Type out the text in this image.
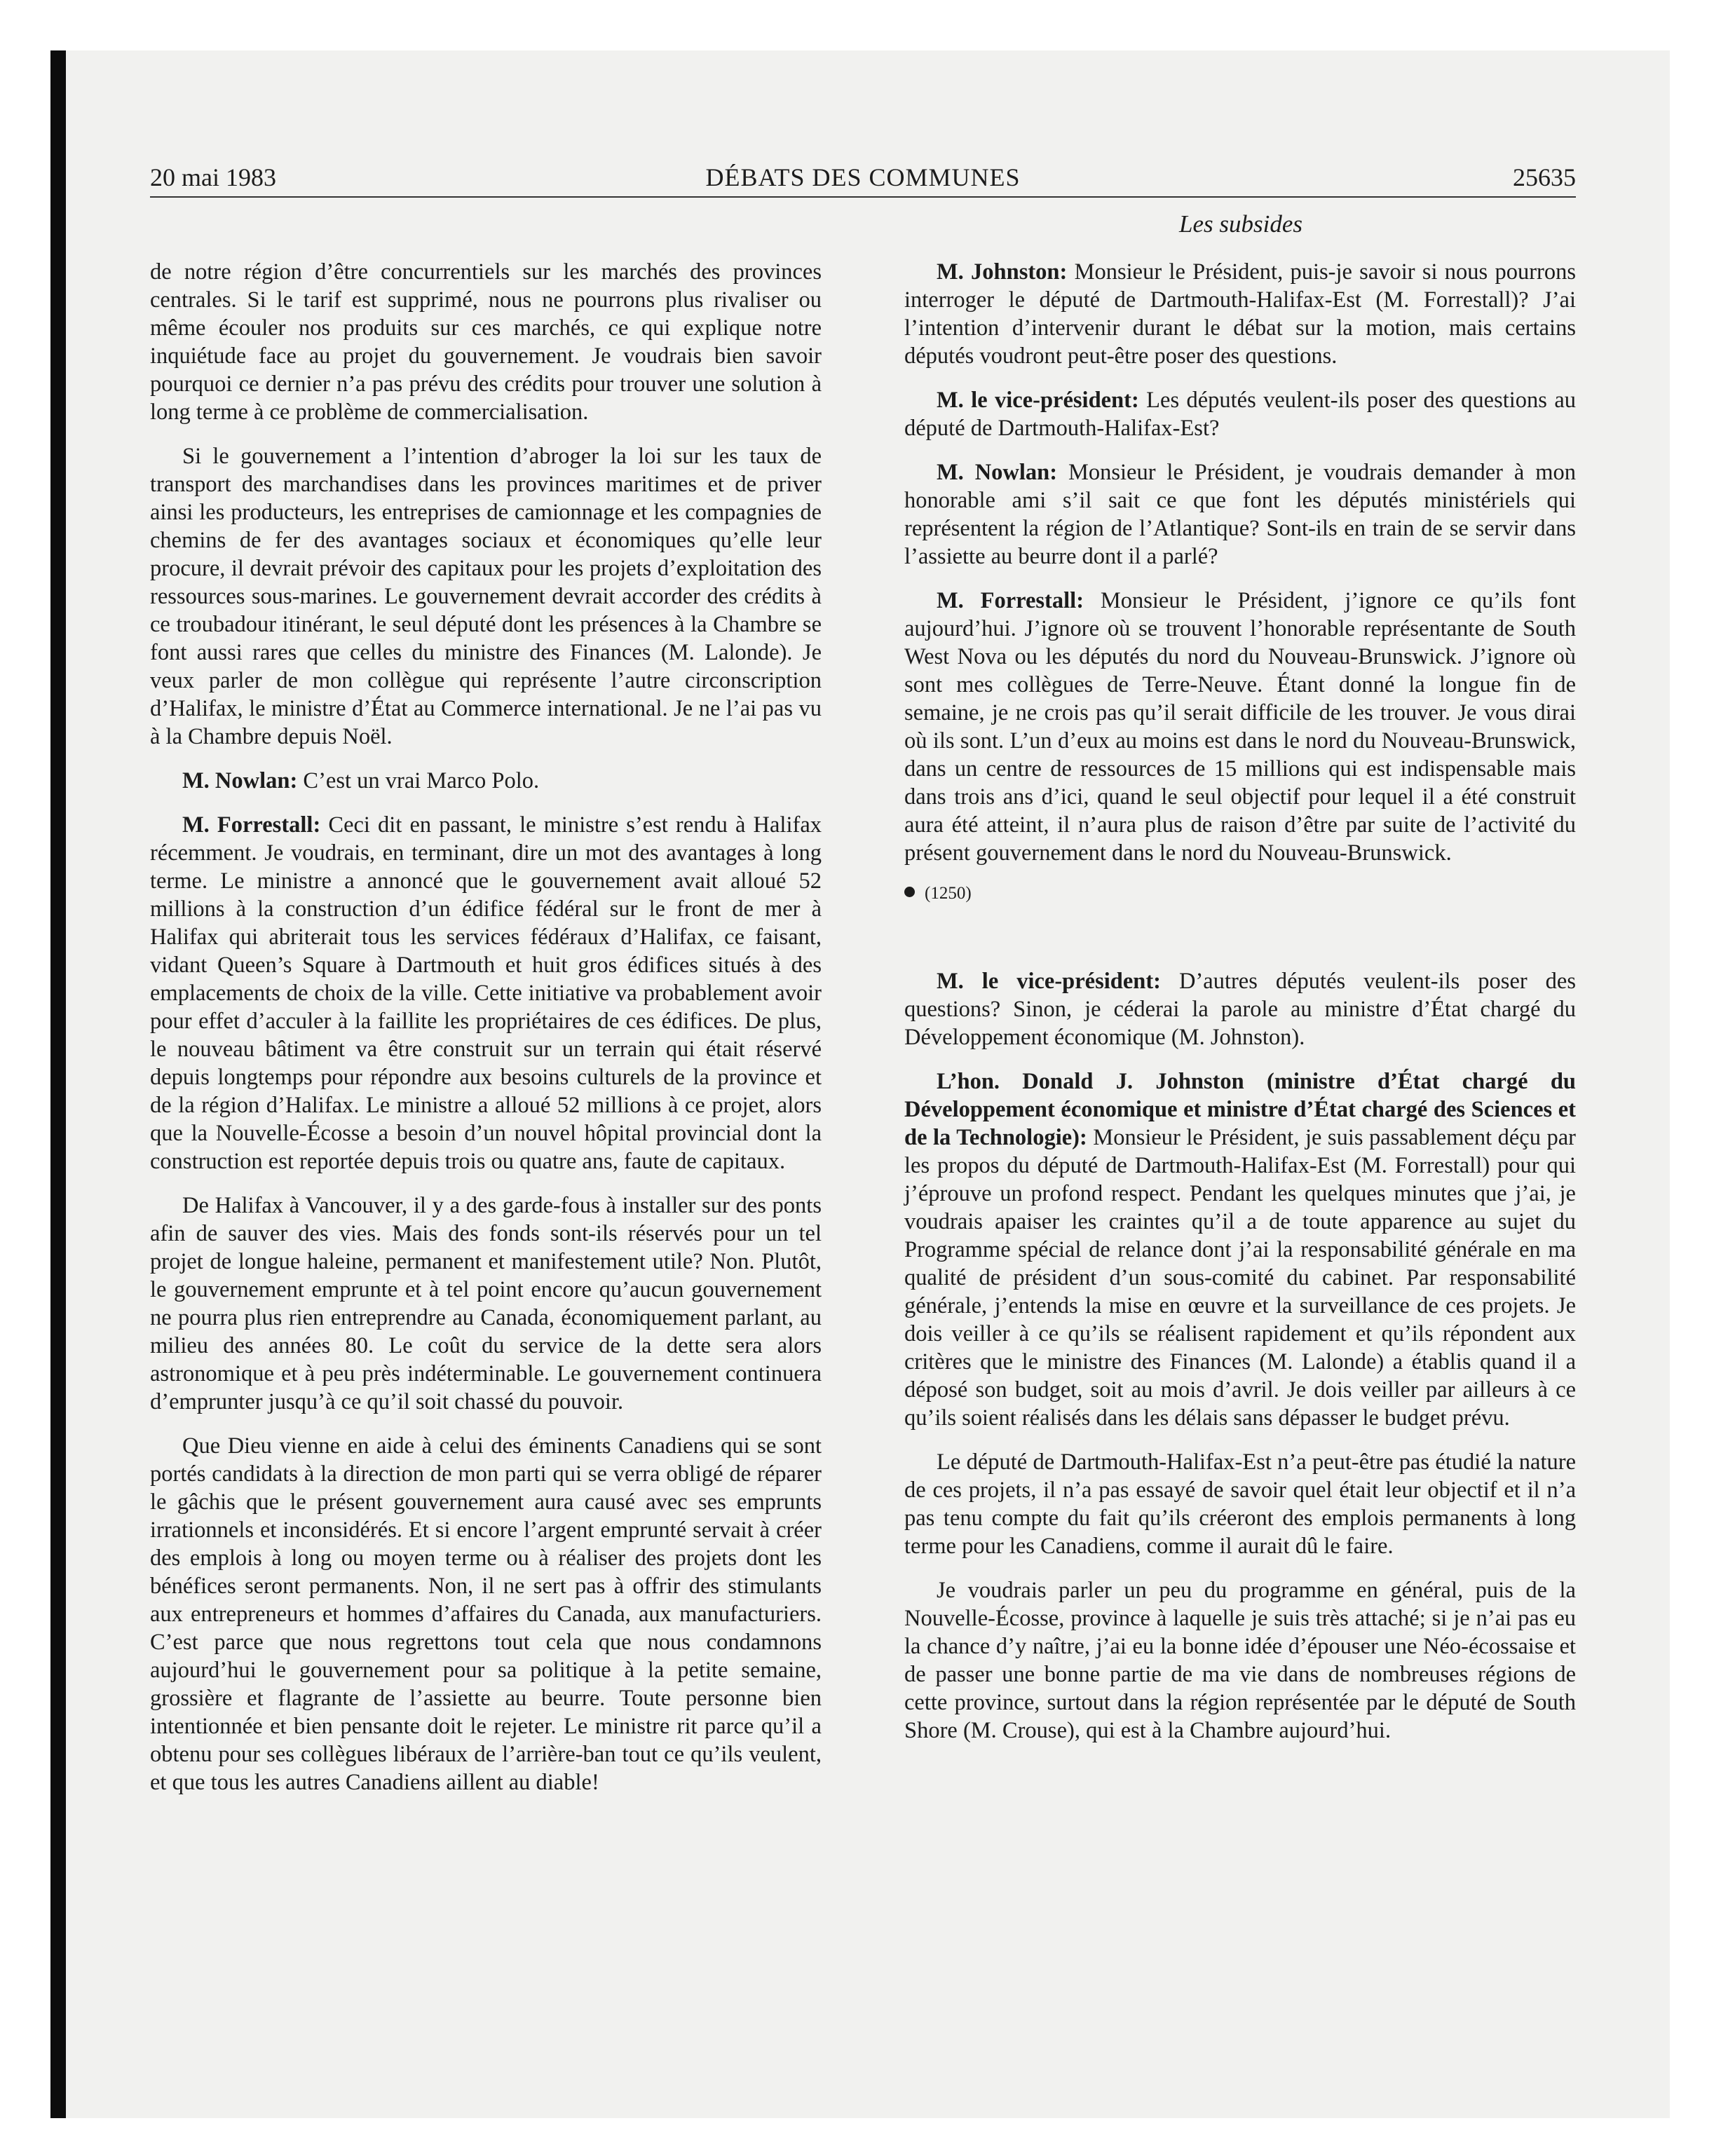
20 mai 1983	DÉBATS DES COMMUNES	25635
Les subsides

de notre région d’être concurrentiels sur les marchés des provinces centrales. Si le tarif est supprimé, nous ne pourrons plus rivaliser ou même écouler nos produits sur ces marchés, ce qui explique notre inquiétude face au projet du gouvernement. Je voudrais bien savoir pourquoi ce dernier n’a pas prévu des crédits pour trouver une solution à long terme à ce problème de commercialisation.

Si le gouvernement a l’intention d’abroger la loi sur les taux de transport des marchandises dans les provinces maritimes et de priver ainsi les producteurs, les entreprises de camionnage et les compagnies de chemins de fer des avantages sociaux et économiques qu’elle leur procure, il devrait prévoir des capitaux pour les projets d’exploitation des ressources sous-marines. Le gouvernement devrait accorder des crédits à ce troubadour itinérant, le seul député dont les présences à la Chambre se font aussi rares que celles du ministre des Finances (M. Lalonde). Je veux parler de mon collègue qui représente l’autre circonscription d’Halifax, le ministre d’État au Commerce international. Je ne l’ai pas vu à la Chambre depuis Noël.

M. Nowlan: C’est un vrai Marco Polo.

M. Forrestall: Ceci dit en passant, le ministre s’est rendu à Halifax récemment. Je voudrais, en terminant, dire un mot des avantages à long terme. Le ministre a annoncé que le gouvernement avait alloué 52 millions à la construction d’un édifice fédéral sur le front de mer à Halifax qui abriterait tous les services fédéraux d’Halifax, ce faisant, vidant Queen’s Square à Dartmouth et huit gros édifices situés à des emplacements de choix de la ville. Cette initiative va probablement avoir pour effet d’acculer à la faillite les propriétaires de ces édifices. De plus, le nouveau bâtiment va être construit sur un terrain qui était réservé depuis longtemps pour répondre aux besoins culturels de la province et de la région d’Halifax. Le ministre a alloué 52 millions à ce projet, alors que la Nouvelle-Écosse a besoin d’un nouvel hôpital provincial dont la construction est reportée depuis trois ou quatre ans, faute de capitaux.

De Halifax à Vancouver, il y a des garde-fous à installer sur des ponts afin de sauver des vies. Mais des fonds sont-ils réservés pour un tel projet de longue haleine, permanent et manifestement utile? Non. Plutôt, le gouvernement emprunte et à tel point encore qu’aucun gouvernement ne pourra plus rien entreprendre au Canada, économiquement parlant, au milieu des années 80. Le coût du service de la dette sera alors astronomique et à peu près indéterminable. Le gouvernement continuera d’emprunter jusqu’à ce qu’il soit chassé du pouvoir.

Que Dieu vienne en aide à celui des éminents Canadiens qui se sont portés candidats à la direction de mon parti qui se verra obligé de réparer le gâchis que le présent gouvernement aura causé avec ses emprunts irrationnels et inconsidérés. Et si encore l’argent emprunté servait à créer des emplois à long ou moyen terme ou à réaliser des projets dont les bénéfices seront permanents. Non, il ne sert pas à offrir des stimulants aux entrepreneurs et hommes d’affaires du Canada, aux manufacturiers. C’est parce que nous regrettons tout cela que nous condamnons aujourd’hui le gouvernement pour sa politique à la petite semaine, grossière et flagrante de l’assiette au beurre. Toute personne bien intentionnée et bien pensante doit le rejeter. Le ministre rit parce qu’il a obtenu pour ses collègues libéraux de l’arrière-ban tout ce qu’ils veulent, et que tous les autres Canadiens aillent au diable!

M. Johnston: Monsieur le Président, puis-je savoir si nous pourrons interroger le député de Dartmouth-Halifax-Est (M. Forrestall)? J’ai l’intention d’intervenir durant le débat sur la motion, mais certains députés voudront peut-être poser des questions.

M. le vice-président: Les députés veulent-ils poser des questions au député de Dartmouth-Halifax-Est?

M. Nowlan: Monsieur le Président, je voudrais demander à mon honorable ami s’il sait ce que font les députés ministériels qui représentent la région de l’Atlantique? Sont-ils en train de se servir dans l’assiette au beurre dont il a parlé?

M. Forrestall: Monsieur le Président, j’ignore ce qu’ils font aujourd’hui. J’ignore où se trouvent l’honorable représentante de South West Nova ou les députés du nord du Nouveau-Brunswick. J’ignore où sont mes collègues de Terre-Neuve. Étant donné la longue fin de semaine, je ne crois pas qu’il serait difficile de les trouver. Je vous dirai où ils sont. L’un d’eux au moins est dans le nord du Nouveau-Brunswick, dans un centre de ressources de 15 millions qui est indispensable mais dans trois ans d’ici, quand le seul objectif pour lequel il a été construit aura été atteint, il n’aura plus de raison d’être par suite de l’activité du présent gouvernement dans le nord du Nouveau-Brunswick.

(1250)

M. le vice-président: D’autres députés veulent-ils poser des questions? Sinon, je céderai la parole au ministre d’État chargé du Développement économique (M. Johnston).

L’hon. Donald J. Johnston (ministre d’État chargé du Développement économique et ministre d’État chargé des Sciences et de la Technologie): Monsieur le Président, je suis passablement déçu par les propos du député de Dartmouth-Halifax-Est (M. Forrestall) pour qui j’éprouve un profond respect. Pendant les quelques minutes que j’ai, je voudrais apaiser les craintes qu’il a de toute apparence au sujet du Programme spécial de relance dont j’ai la responsabilité générale en ma qualité de président d’un sous-comité du cabinet. Par responsabilité générale, j’entends la mise en œuvre et la surveillance de ces projets. Je dois veiller à ce qu’ils se réalisent rapidement et qu’ils répondent aux critères que le ministre des Finances (M. Lalonde) a établis quand il a déposé son budget, soit au mois d’avril. Je dois veiller par ailleurs à ce qu’ils soient réalisés dans les délais sans dépasser le budget prévu.

Le député de Dartmouth-Halifax-Est n’a peut-être pas étudié la nature de ces projets, il n’a pas essayé de savoir quel était leur objectif et il n’a pas tenu compte du fait qu’ils créeront des emplois permanents à long terme pour les Canadiens, comme il aurait dû le faire.

Je voudrais parler un peu du programme en général, puis de la Nouvelle-Écosse, province à laquelle je suis très attaché; si je n’ai pas eu la chance d’y naître, j’ai eu la bonne idée d’épouser une Néo-écossaise et de passer une bonne partie de ma vie dans de nombreuses régions de cette province, surtout dans la région représentée par le député de South Shore (M. Crouse), qui est à la Chambre aujourd’hui.
